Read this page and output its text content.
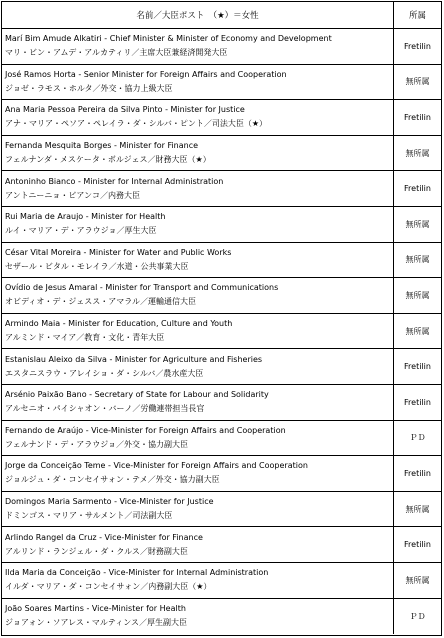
名前／大臣ポスト　（★）＝女性	所属
Marí Bim Amude Alkatiri - Chief Minister & Minister of Economy and Development
マリ・ビン・アムデ・アルカティリ／主席大臣兼経済開発大臣
Fretilin
José Ramos Horta - Senior Minister for Foreign Affairs and Cooperation
ジョゼ・ラモス・ホルタ／外交・協力上級大臣
無所属
Ana Maria Pessoa Pereira da Silva Pinto - Minister for Justice
アナ・マリア・ペソア・ペレイラ・ダ・シルバ・ピント／司法大臣（★）
Fretilin
Fernanda Mesquita Borges - Minister for Finance
フェルナンダ・メスケータ・ボルジェス／財務大臣（★）
無所属
Antoninho Bianco - Minister for Internal Administration
アントニーニョ・ビアンコ／内務大臣
Fretilin
Rui Maria de Araujo - Minister for Health
ルイ・マリア・デ・アラウジョ／厚生大臣
無所属
César Vital Moreira - Minister for Water and Public Works
セザール・ビタル・モレイラ／水道・公共事業大臣
無所属
Ovídio de Jesus Amaral - Minister for Transport and Communications
オビディオ・デ・ジェスス・アマラル／運輸通信大臣
無所属
Armindo Maia - Minister for Education, Culture and Youth
アルミンド・マイア／教育・文化・青年大臣
無所属
Estanislau Aleixo da Silva - Minister for Agriculture and Fisheries
エスタニスラウ・アレイショ・ダ・シルバ／農水産大臣
Fretilin
Arsénio Paixão Bano - Secretary of State for Labour and Solidarity
アルセニオ・パイシャオン・バーノ／労働連帯担当長官
Fretilin
Fernando de Araújo - Vice-Minister for Foreign Affairs and Cooperation
フェルナンド・デ・アラウジョ／外交・協力副大臣
ＰＤ
Jorge da Conceição Teme - Vice-Minister for Foreign Affairs and Cooperation
ジョルジュ・ダ・コンセイサォン・テメ／外交・協力副大臣
Fretilin
Domingos Maria Sarmento - Vice-Minister for Justice
ドミンゴス・マリア・サルメント／司法副大臣
無所属
Arlindo Rangel da Cruz - Vice-Minister for Finance
アルリンド・ランジェル・ダ・クルス／財務副大臣
Fretilin
Ilda Maria da Conceição - Vice-Minister for Internal Administration
イルダ・マリア・ダ・コンセイサォン／内務副大臣（★）
無所属
João Soares Martins - Vice-Minister for Health
ジョアォン・ソアレス・マルティンス／厚生副大臣
ＰＤ
